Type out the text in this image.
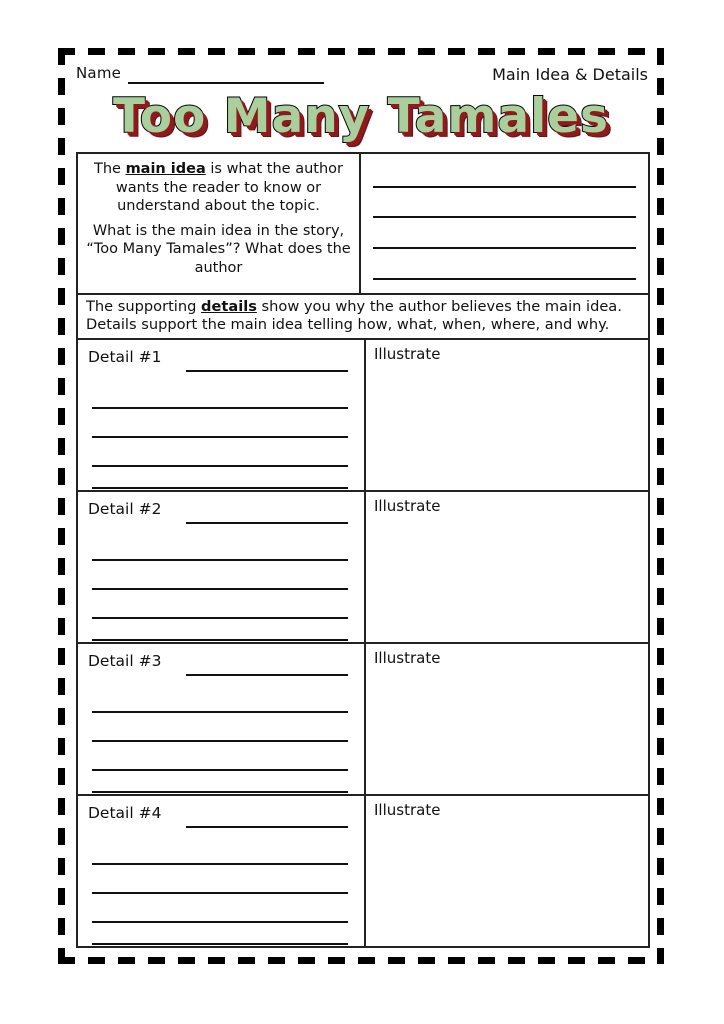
Name	Main Idea & Details
Too Many Tamales
The main idea is what the author wants the reader to know or understand about the topic.
What is the main idea in the story, “Too Many Tamales”? What does the author
The supporting details show you why the author believes the main idea. Details support the main idea telling how, what, when, where, and why.
Detail #1	Illustrate
Detail #2	Illustrate
Detail #3	Illustrate
Detail #4	Illustrate
